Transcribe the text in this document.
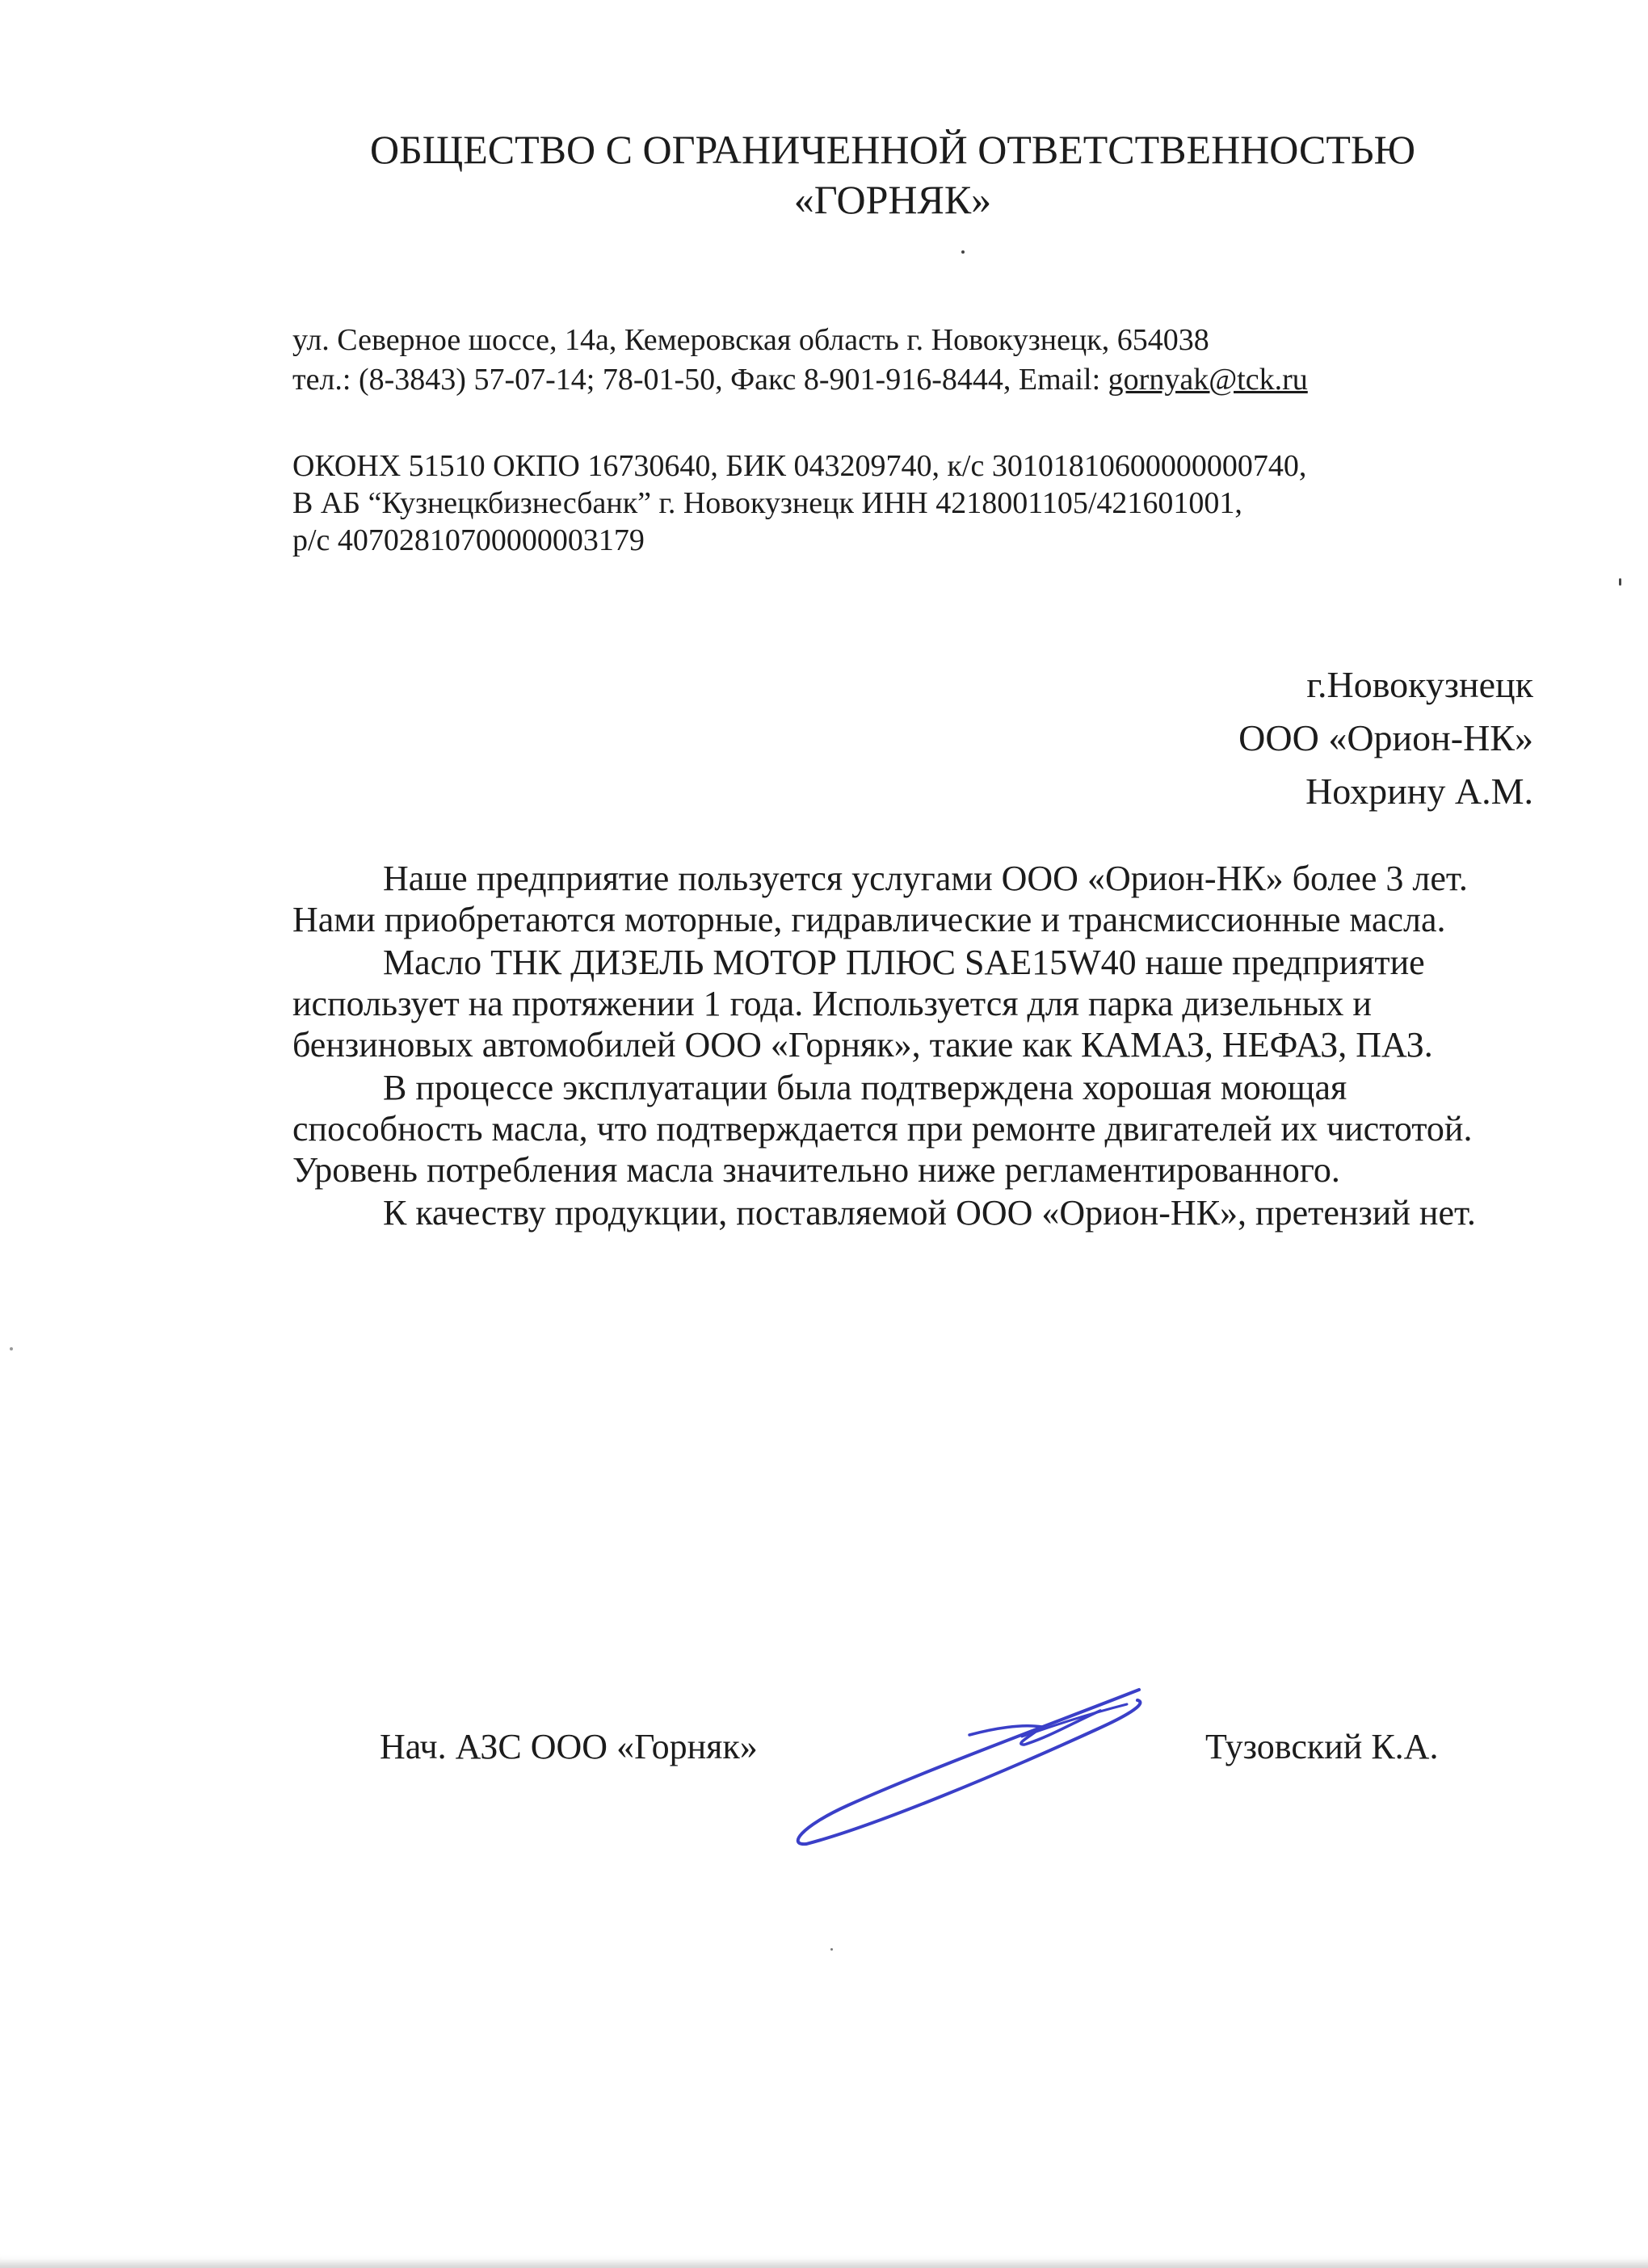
ОБЩЕСТВО С ОГРАНИЧЕННОЙ ОТВЕТСТВЕННОСТЬЮ
«ГОРНЯК»
ул. Северное шоссе, 14а, Кемеровская область г. Новокузнецк, 654038
тел.: (8-3843) 57-07-14; 78-01-50, Факс 8-901-916-8444, Email: gornyak@tck.ru
ОКОНХ 51510 ОКПО 16730640, БИК 043209740, к/с 30101810600000000740,
В АБ “Кузнецкбизнесбанк” г. Новокузнецк ИНН 4218001105/421601001,
р/с 40702810700000003179
г.Новокузнецк
ООО «Орион-НК»
Нохрину А.М.

Наше предприятие пользуется услугами ООО «Орион-НК» более 3 лет. Нами приобретаются моторные, гидравлические и трансмиссионные масла.

Масло ТНК ДИЗЕЛЬ МОТОР ПЛЮС SAE15W40 наше предприятие использует на протяжении 1 года. Используется для парка дизельных и бензиновых автомобилей ООО «Горняк», такие как КАМАЗ, НЕФАЗ, ПАЗ.

В процессе эксплуатации была подтверждена хорошая моющая способность масла, что подтверждается при ремонте двигателей их чистотой. Уровень потребления масла значительно ниже регламентированного.

К качеству продукции, поставляемой ООО «Орион-НК», претензий нет.

Нач. АЗС ООО «Горняк»	Тузовский К.А.
